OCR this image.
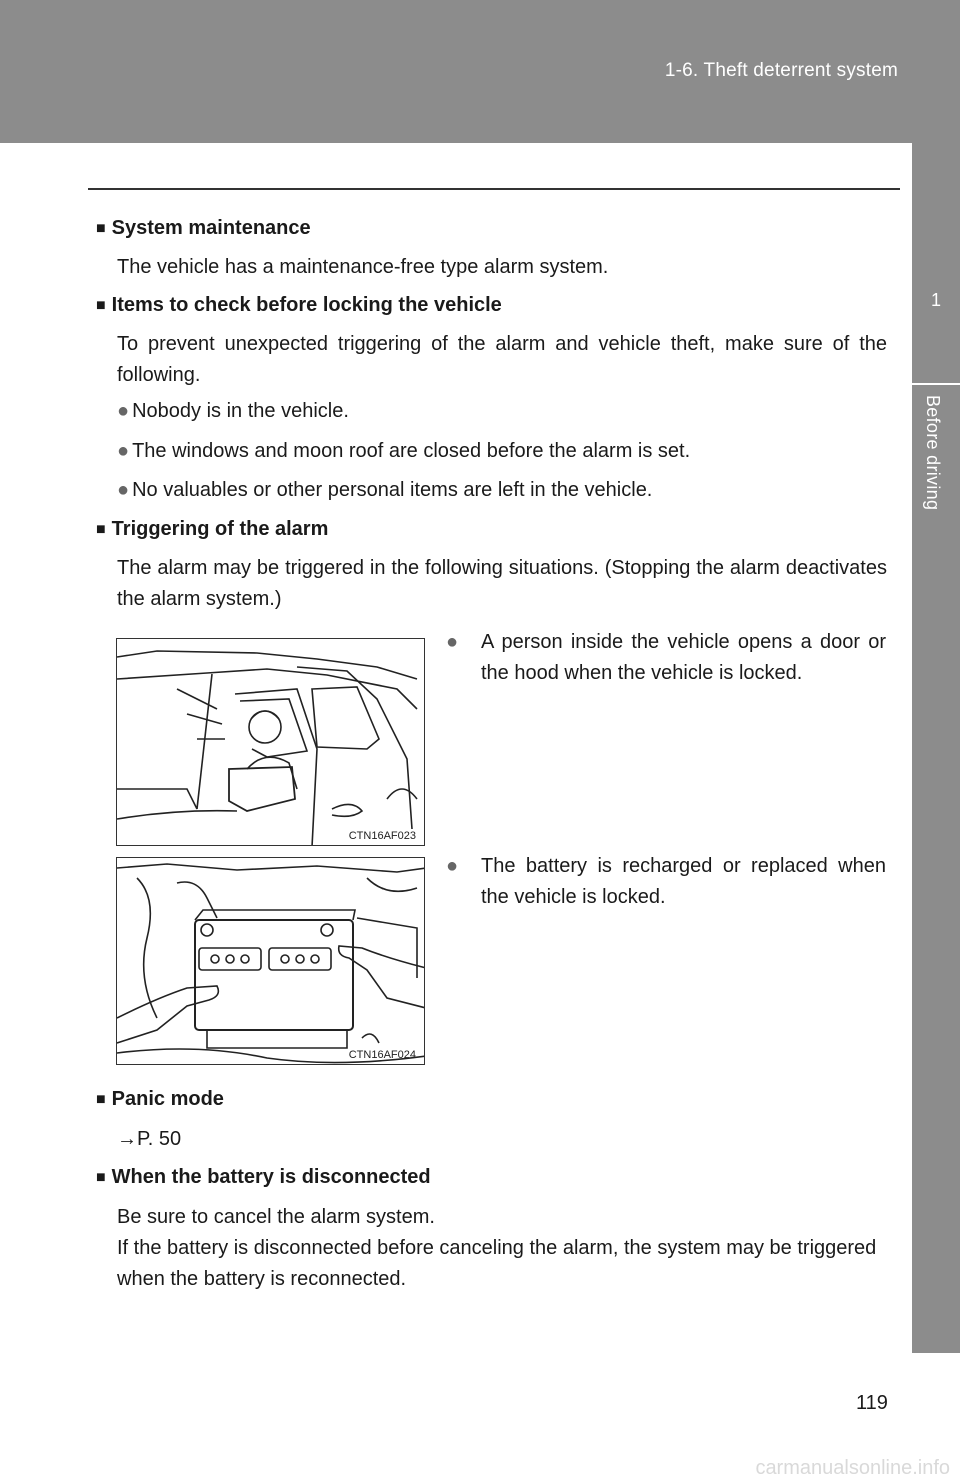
1-6. Theft deterrent system
1
Before driving
■ System maintenance
The vehicle has a maintenance-free type alarm system.
■ Items to check before locking the vehicle
To prevent unexpected triggering of the alarm and vehicle theft, make sure of the following.
● Nobody is in the vehicle.
● The windows and moon roof are closed before the alarm is set.
● No valuables or other personal items are left in the vehicle.
■ Triggering of the alarm
The alarm may be triggered in the following situations. (Stopping the alarm deactivates the alarm system.)
CTN16AF023
●	A person inside the vehicle opens a door or the hood when the vehicle is locked.
CTN16AF024
●	The battery is recharged or replaced when the vehicle is locked.
■ Panic mode
→P. 50
■ When the battery is disconnected
Be sure to cancel the alarm system.
If the battery is disconnected before canceling the alarm, the system may be triggered when the battery is reconnected.
119
carmanualsonline.info
